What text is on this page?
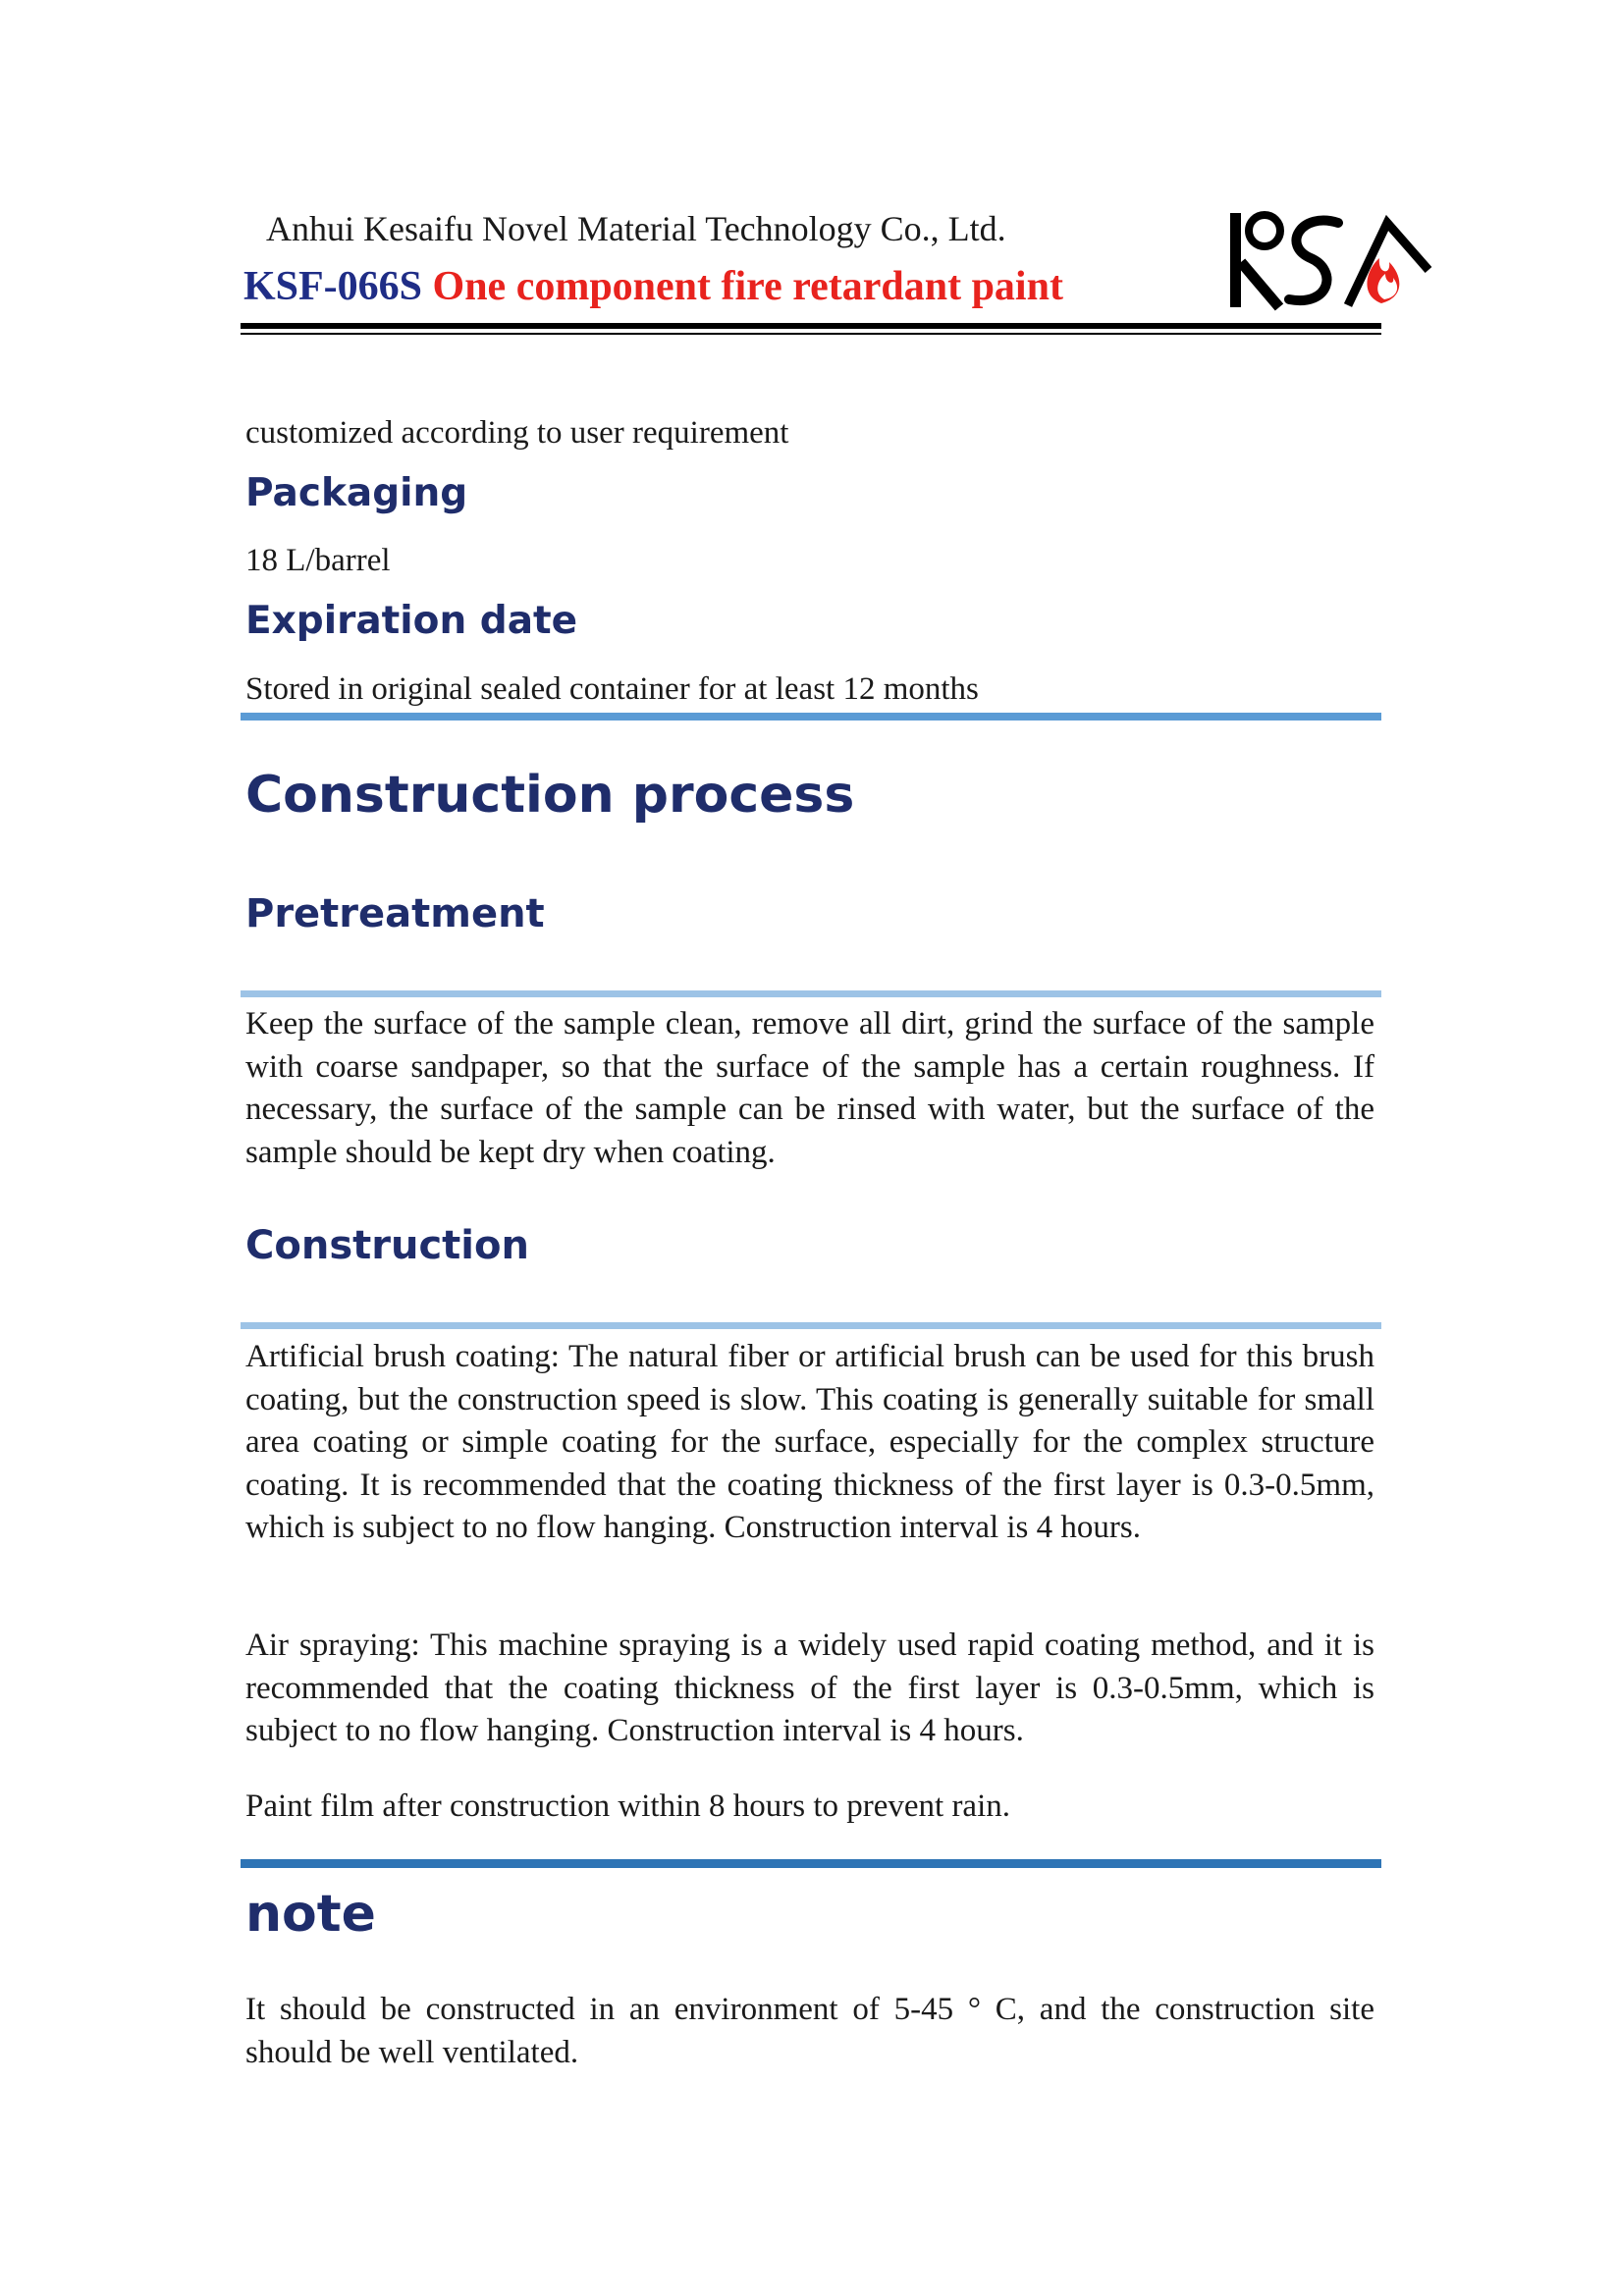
Anhui Kesaifu Novel Material Technology Co., Ltd.
KSF-066S One component fire retardant paint
customized according to user requirement
Packaging
18 L/barrel
Expiration date
Stored in original sealed container for at least 12 months
Construction process
Pretreatment
Keep the surface of the sample clean, remove all dirt, grind the surface of the sample with coarse sandpaper, so that the surface of the sample has a certain roughness. If necessary, the surface of the sample can be rinsed with water, but the surface of the sample should be kept dry when coating.
Construction
Artificial brush coating: The natural fiber or artificial brush can be used for this brush coating, but the construction speed is slow. This coating is generally suitable for small area coating or simple coating for the surface, especially for the complex structure coating. It is recommended that the coating thickness of the first layer is 0.3-0.5mm, which is subject to no flow hanging. Construction interval is 4 hours.
Air spraying: This machine spraying is a widely used rapid coating method, and it is recommended that the coating thickness of the first layer is 0.3-0.5mm, which is subject to no flow hanging. Construction interval is 4 hours.
Paint film after construction within 8 hours to prevent rain.
note
It should be constructed in an environment of 5-45 ° C, and the construction site should be well ventilated.
